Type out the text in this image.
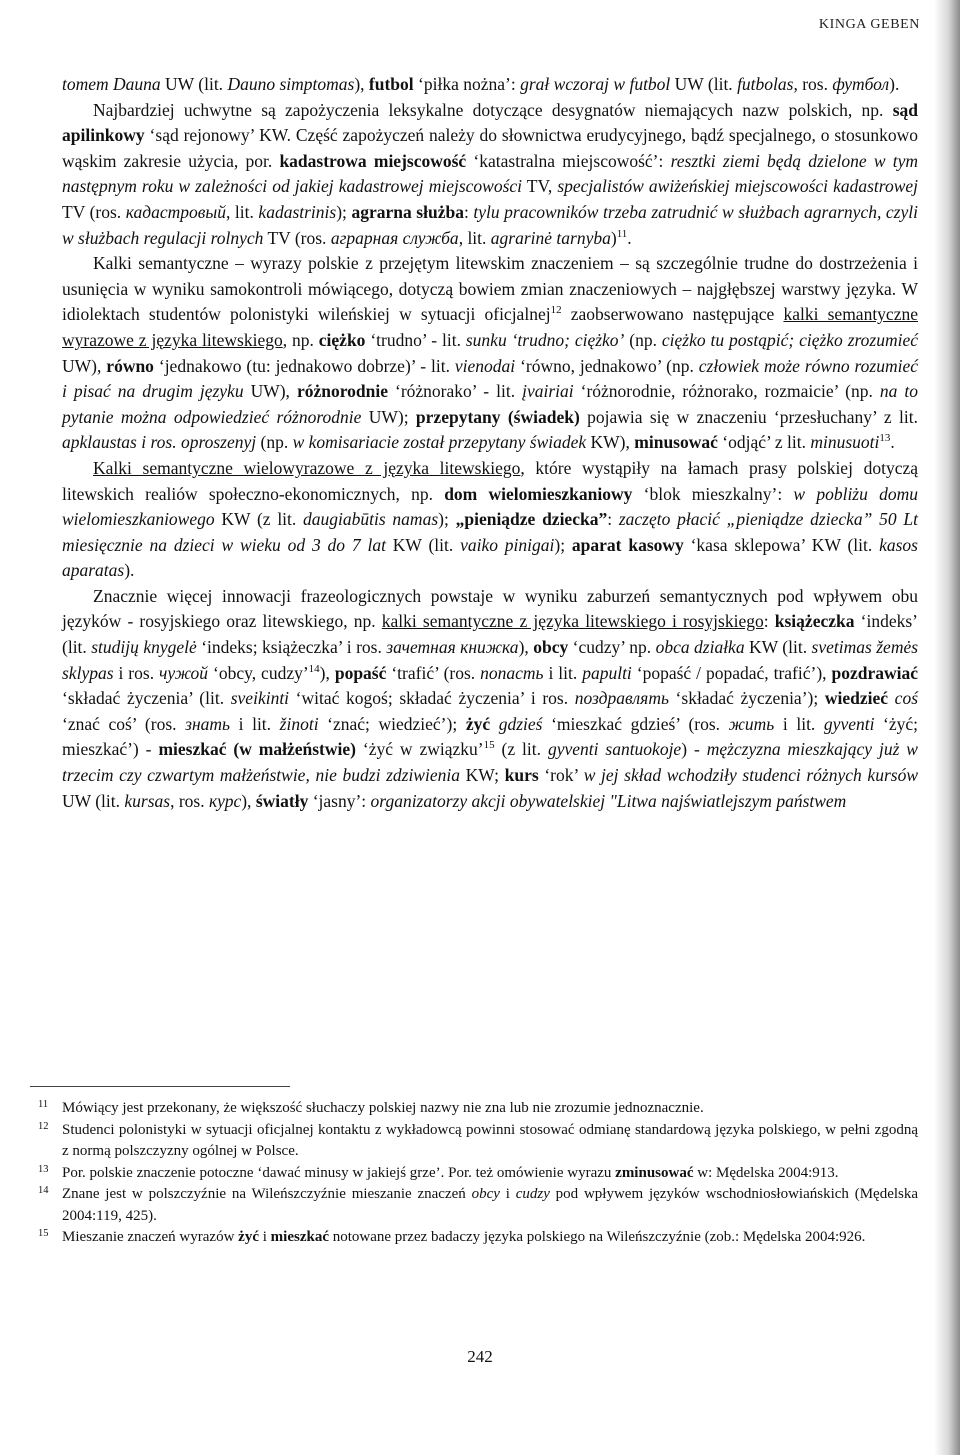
KINGA GEBEN

tomem Dauna UW (lit. Dauno simptomas), futbol ‘piłka nożna’: grał wczoraj w futbol UW (lit. futbolas, ros. футбол).

Najbardziej uchwytne są zapożyczenia leksykalne dotyczące desygnatów niemających nazw polskich, np. sąd apilinkowy ‘sąd rejonowy’ KW. Część zapożyczeń należy do słownictwa erudycyjnego, bądź specjalnego, o stosunkowo wąskim zakresie użycia, por. kadastrowa miejscowość ‘katastralna miejscowość’: resztki ziemi będą dzielone w tym następnym roku w zależności od jakiej kadastrowej miejscowości TV, specjalistów awiżeńskiej miejscowości kadastrowej TV (ros. кадастровый, lit. kadastrinis); agrarna służba: tylu pracowników trzeba zatrudnić w służbach agrarnych, czyli w służbach regulacji rolnych TV (ros. аграрная служба, lit. agrarinė tarnyba)$^{11}$.

Kalki semantyczne – wyrazy polskie z przejętym litewskim znaczeniem – są szczególnie trudne do dostrzeżenia i usunięcia w wyniku samokontroli mówiącego, dotyczą bowiem zmian znaczeniowych – najgłębszej warstwy języka. W idiolektach studentów polonistyki wileńskiej w sytuacji oficjalnej$^{12}$ zaobserwowano następujące kalki semantyczne wyrazowe z języka litewskiego, np. ciężko ‘trudno’ - lit. sunku ‘trudno; ciężko’ (np. ciężko tu postąpić; ciężko zrozumieć UW), równo ‘jednakowo (tu: jednakowo dobrze)’ - lit. vienodai ‘równo, jednakowo’ (np. człowiek może równo rozumieć i pisać na drugim języku UW), różnorodnie ‘różnorako’ - lit. įvairiai ‘różnorodnie, różnorako, rozmaicie’ (np. na to pytanie można odpowiedzieć różnorodnie UW); przepytany (świadek) pojawia się w znaczeniu ‘przesłuchany’ z lit. apklaustas i ros. oproszenyj (np. w komisariacie został przepytany świadek KW), minusować ‘odjąć’ z lit. minusuoti$^{13}$.

Kalki semantyczne wielowyrazowe z języka litewskiego, które wystąpiły na łamach prasy polskiej dotyczą litewskich realiów społeczno-ekonomicznych, np. dom wielomieszkaniowy ‘blok mieszkalny’: w pobliżu domu wielomieszkaniowego KW (z lit. daugiabūtis namas); „pieniądze dziecka”: zaczęto płacić „pieniądze dziecka” 50 Lt miesięcznie na dzieci w wieku od 3 do 7 lat KW (lit. vaiko pinigai); aparat kasowy ‘kasa sklepowa’ KW (lit. kasos aparatas).

Znacznie więcej innowacji frazeologicznych powstaje w wyniku zaburzeń semantycznych pod wpływem obu języków - rosyjskiego oraz litewskiego, np. kalki semantyczne z języka litewskiego i rosyjskiego: książeczka ‘indeks’ (lit. studijų knygelė ‘indeks; książeczka’ i ros. зачетная книжка), obcy ‘cudzy’ np. obca działka KW (lit. svetimas žemės sklypas i ros. чужой ‘obcy, cudzy’$^{14}$), popaść ‘trafić’ (ros. попасть i lit. papulti ‘popaść / popadać, trafić’), pozdrawiać ‘składać życzenia’ (lit. sveikinti ‘witać kogoś; składać życzenia’ i ros. поздравлять ‘składać życzenia’); wiedzieć coś ‘znać coś’ (ros. знать i lit. žinoti ‘znać; wiedzieć’); żyć gdzieś ‘mieszkać gdzieś’ (ros. жить i lit. gyventi ‘żyć; mieszkać’) - mieszkać (w małżeństwie) ‘żyć w związku’$^{15}$ (z lit. gyventi santuokoje) - mężczyzna mieszkający już w trzecim czy czwartym małżeństwie, nie budzi zdziwienia KW; kurs ‘rok’ w jej skład wchodziły studenci różnych kursów UW (lit. kursas, ros. курс), światły ‘jasny’: organizatorzy akcji obywatelskiej "Litwa najświatlejszym państwem

11 Mówiący jest przekonany, że większość słuchaczy polskiej nazwy nie zna lub nie zrozumie jednoznacznie.

12 Studenci polonistyki w sytuacji oficjalnej kontaktu z wykładowcą powinni stosować odmianę standardową języka polskiego, w pełni zgodną z normą polszczyzny ogólnej w Polsce.

13 Por. polskie znaczenie potoczne ‘dawać minusy w jakiejś grze’. Por. też omówienie wyrazu zminusować w: Mędelska 2004:913.

14 Znane jest w polszczyźnie na Wileńszczyźnie mieszanie znaczeń obcy i cudzy pod wpływem języków wschodniosłowiańskich (Mędelska 2004:119, 425).

15 Mieszanie znaczeń wyrazów żyć i mieszkać notowane przez badaczy języka polskiego na Wileńszczyźnie (zob.: Mędelska 2004:926.

242
